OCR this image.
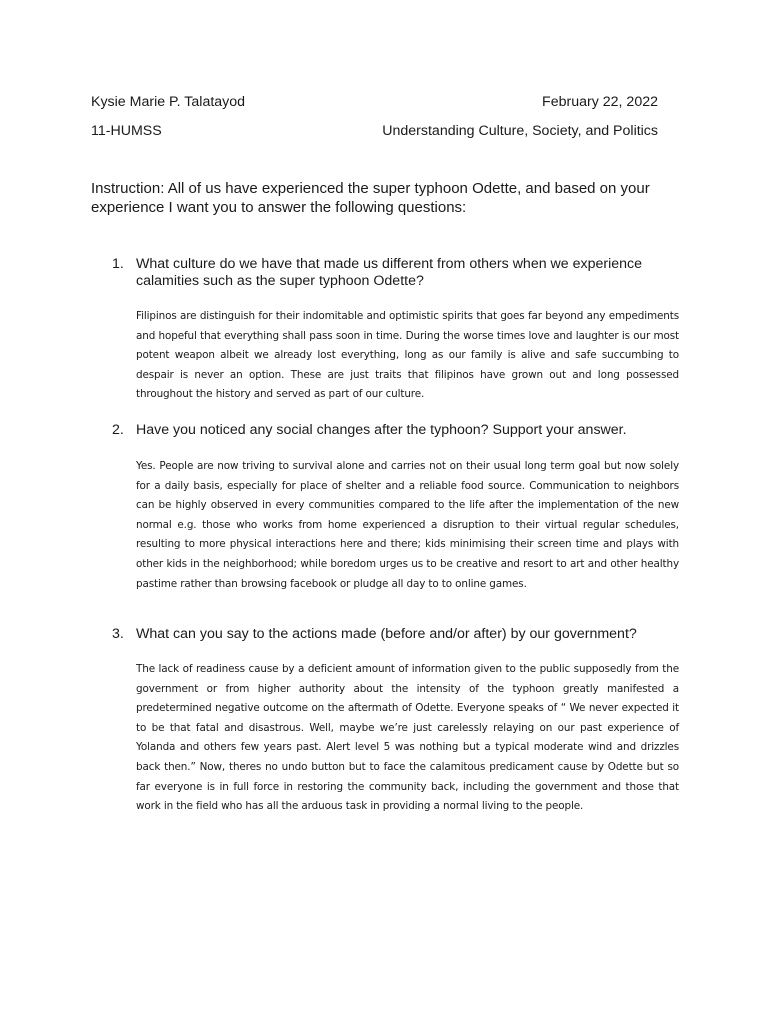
Kysie Marie P. Talatayod	February 22, 2022
11-HUMSS	Understanding Culture, Society, and Politics
Instruction: All of us have experienced the super typhoon Odette, and based on your experience I want you to answer the following questions:
1. What culture do we have that made us different from others when we experience calamities such as the super typhoon Odette?
Filipinos are distinguish for their indomitable and optimistic spirits that goes far beyond any empediments and hopeful that everything shall pass soon in time. During the worse times love and laughter is our most potent weapon albeit we already lost everything, long as our family is alive and safe succumbing to despair is never an option. These are just traits that filipinos have grown out and long possessed throughout the history and served as part of our culture.
2. Have you noticed any social changes after the typhoon? Support your answer.
Yes. People are now triving to survival alone and carries not on their usual long term goal but now solely for a daily basis, especially for place of shelter and a reliable food source. Communication to neighbors can be highly observed in every communities compared to the life after the implementation of the new normal e.g. those who works from home experienced a disruption to their virtual regular schedules, resulting to more physical interactions here and there; kids minimising their screen time and plays with other kids in the neighborhood; while boredom urges us to be creative and resort to art and other healthy pastime rather than browsing facebook or pludge all day to to online games.
3. What can you say to the actions made (before and/or after) by our government?
The lack of readiness cause by a deficient amount of information given to the public supposedly from the government or from higher authority about the intensity of the typhoon greatly manifested a predetermined negative outcome on the aftermath of Odette. Everyone speaks of “ We never expected it to be that fatal and disastrous. Well, maybe we’re just carelessly relaying on our past experience of Yolanda and others few years past. Alert level 5 was nothing but a typical moderate wind and drizzles back then.” Now, theres no undo button but to face the calamitous predicament cause by Odette but so far everyone is in full force in restoring the community back, including the government and those that work in the field who has all the arduous task in providing a normal living to the people.
